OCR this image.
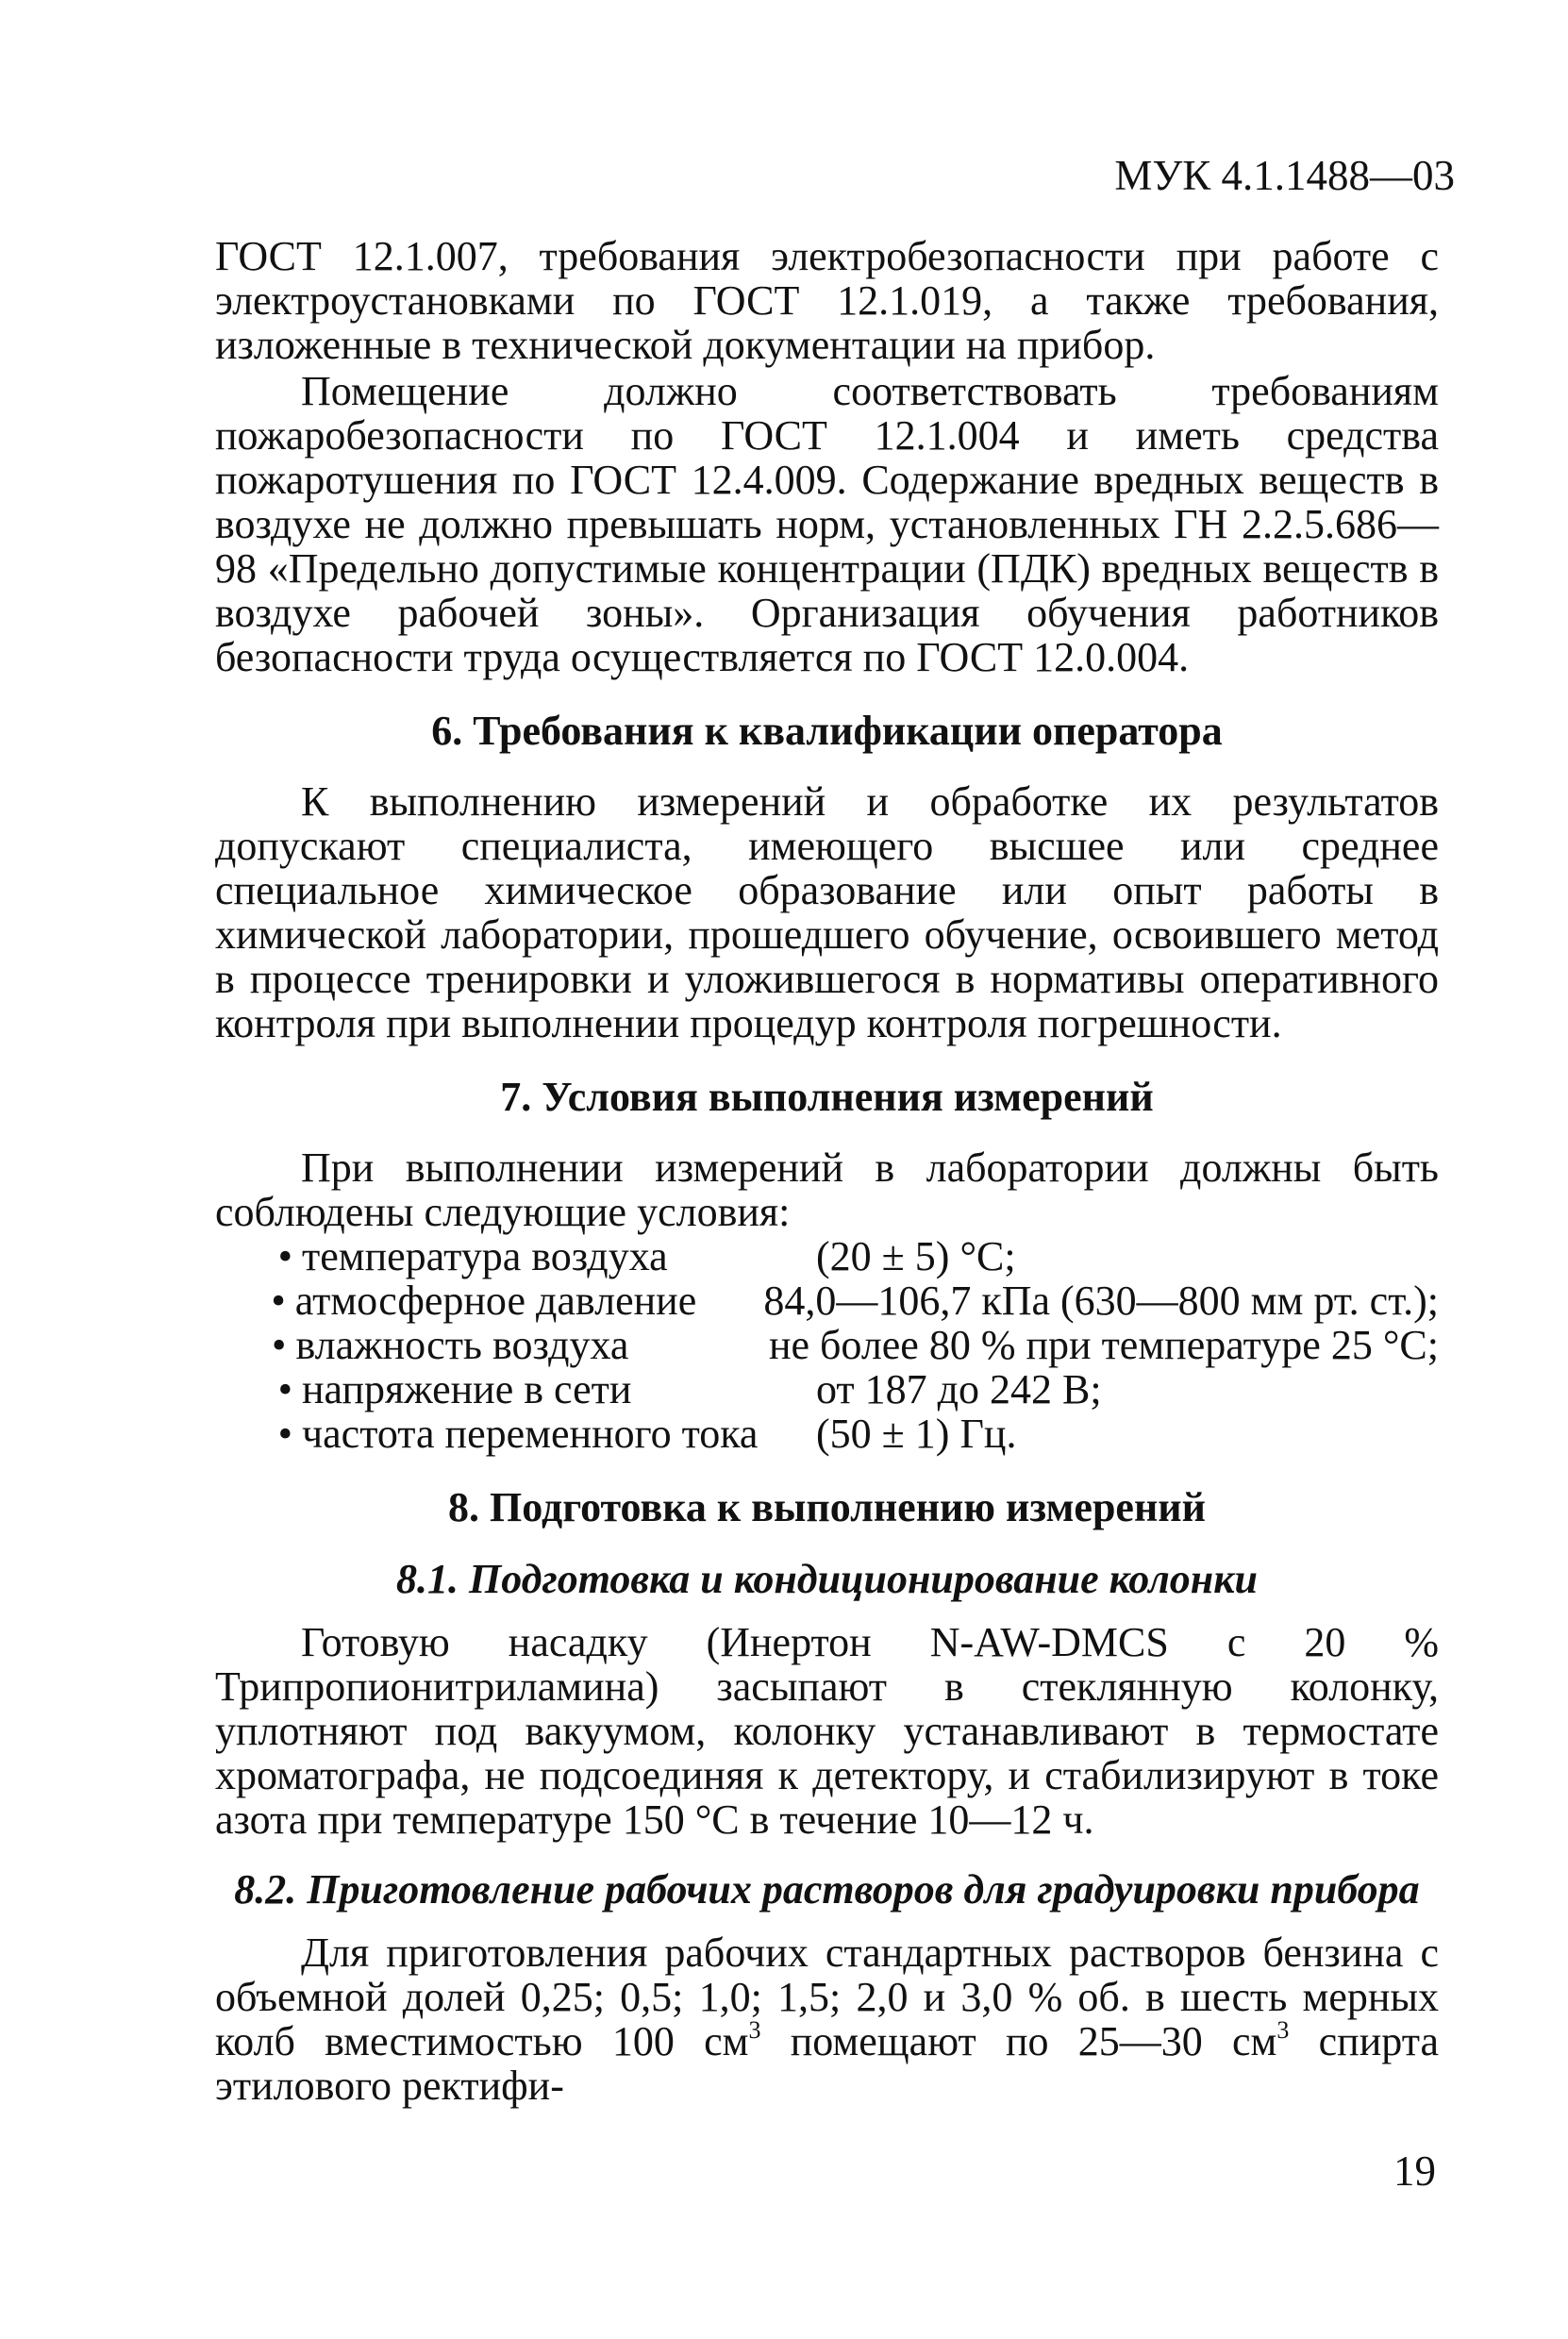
МУК 4.1.1488—03

ГОСТ 12.1.007, требования электробезопасности при работе с электроустановками по ГОСТ 12.1.019, а также требования, изложенные в технической документации на прибор.

Помещение должно соответствовать требованиям пожаробезопасности по ГОСТ 12.1.004 и иметь средства пожаротушения по ГОСТ 12.4.009. Содержание вредных веществ в воздухе не должно превышать норм, установленных ГН 2.2.5.686—98 «Предельно допустимые концентрации (ПДК) вредных веществ в воздухе рабочей зоны». Организация обучения работников безопасности труда осуществляется по ГОСТ 12.0.004.

6. Требования к квалификации оператора

К выполнению измерений и обработке их результатов допускают специалиста, имеющего высшее или среднее специальное химическое образование или опыт работы в химической лаборатории, прошедшего обучение, освоившего метод в процессе тренировки и уложившегося в нормативы оперативного контроля при выполнении процедур контроля погрешности.

7. Условия выполнения измерений

При выполнении измерений в лаборатории должны быть соблюдены следующие условия:

• температура воздуха	(20 ± 5) °С;
• атмосферное давление	84,0—106,7 кПа (630—800 мм рт. ст.);
• влажность воздуха	не более 80 % при температуре 25 °С;
• напряжение в сети	от 187 до 242 В;
• частота переменного тока	(50 ± 1) Гц.
8. Подготовка к выполнению измерений
8.1. Подготовка и кондиционирование колонки

Готовую насадку (Инертон N-AW-DMCS с 20 % Трипропионитриламина) засыпают в стеклянную колонку, уплотняют под вакуумом, колонку устанавливают в термостате хроматографа, не подсоединяя к детектору, и стабилизируют в токе азота при температуре 150 °С в течение 10—12 ч.

8.2. Приготовление рабочих растворов для градуировки прибора

Для приготовления рабочих стандартных растворов бензина с объемной долей 0,25; 0,5; 1,0; 1,5; 2,0 и 3,0 % об. в шесть мерных колб вместимостью 100 $см^3$ помещают по 25—30 $см^3$ спирта этилового ректифи-

19
